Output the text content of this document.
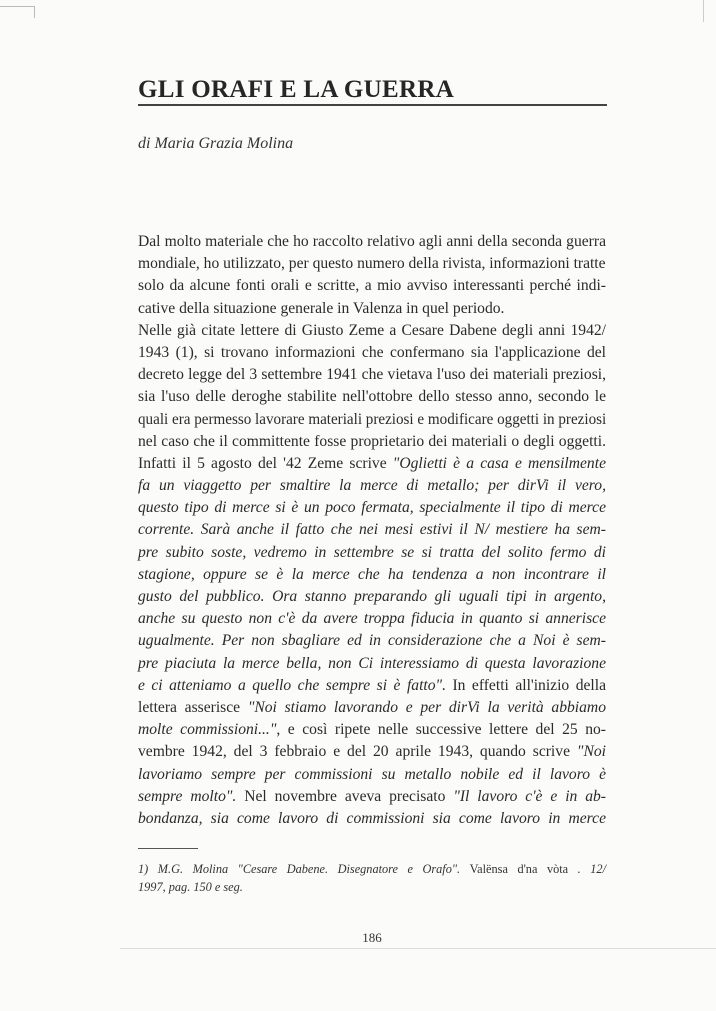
GLI ORAFI E LA GUERRA
di Maria Grazia Molina
Dal molto materiale che ho raccolto relativo agli anni della seconda guerra
mondiale, ho utilizzato, per questo numero della rivista, informazioni tratte
solo da alcune fonti orali e scritte, a mio avviso interessanti perché indi-
cative della situazione generale in Valenza in quel periodo.
Nelle già citate lettere di Giusto Zeme a Cesare Dabene degli anni 1942/
1943 (1), si trovano informazioni che confermano sia l'applicazione del
decreto legge del 3 settembre 1941 che vietava l'uso dei materiali preziosi,
sia l'uso delle deroghe stabilite nell'ottobre dello stesso anno, secondo le
quali era permesso lavorare materiali preziosi e modificare oggetti in preziosi
nel caso che il committente fosse proprietario dei materiali o degli oggetti.
Infatti il 5 agosto del '42 Zeme scrive "Oglietti è a casa e mensilmente
fa un viaggetto per smaltire la merce di metallo; per dirVi il vero,
questo tipo di merce si è un poco fermata, specialmente il tipo di merce
corrente. Sarà anche il fatto che nei mesi estivi il N/ mestiere ha sem-
pre subito soste, vedremo in settembre se si tratta del solito fermo di
stagione, oppure se è la merce che ha tendenza a non incontrare il
gusto del pubblico. Ora stanno preparando gli uguali tipi in argento,
anche su questo non c'è da avere troppa fiducia in quanto si annerisce
ugualmente. Per non sbagliare ed in considerazione che a Noi è sem-
pre piaciuta la merce bella, non Ci interessiamo di questa lavorazione
e ci atteniamo a quello che sempre si è fatto". In effetti all'inizio della
lettera asserisce "Noi stiamo lavorando e per dirVi la verità abbiamo
molte commissioni...", e così ripete nelle successive lettere del 25 no-
vembre 1942, del 3 febbraio e del 20 aprile 1943, quando scrive "Noi
lavoriamo sempre per commissioni su metallo nobile ed il lavoro è
sempre molto". Nel novembre aveva precisato "Il lavoro c'è e in ab-
bondanza, sia come lavoro di commissioni sia come lavoro in merce
1) M.G. Molina "Cesare Dabene. Disegnatore e Orafo". Valënsa d'na vòta . 12/
1997, pag. 150 e seg.
186
